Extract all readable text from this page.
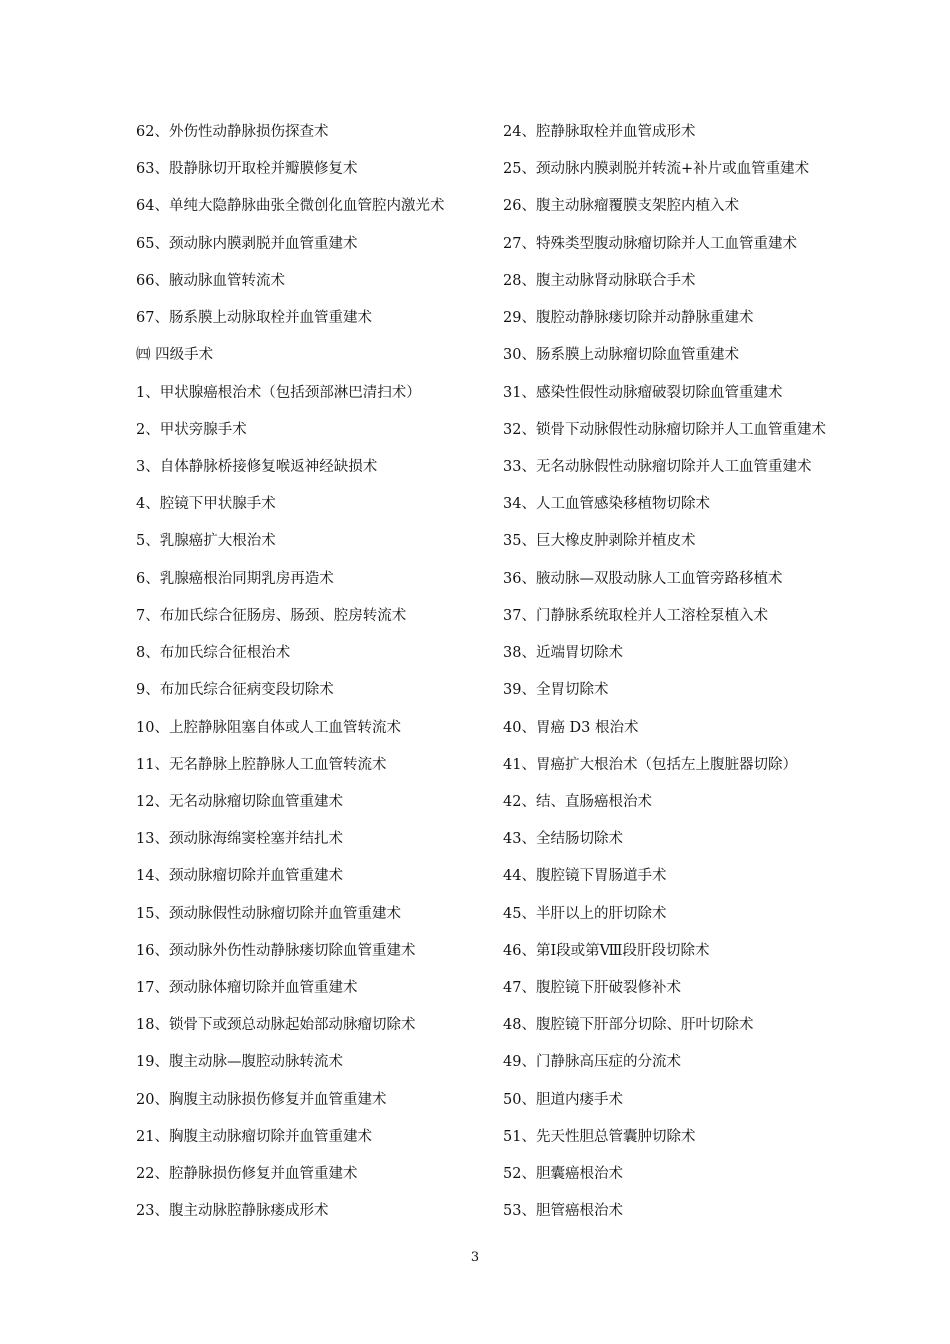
62、外伤性动静脉损伤探查术
63、股静脉切开取栓并瓣膜修复术
64、单纯大隐静脉曲张全微创化血管腔内激光术
65、颈动脉内膜剥脱并血管重建术
66、腋动脉血管转流术
67、肠系膜上动脉取栓并血管重建术
㈣ 四级手术
1、甲状腺癌根治术（包括颈部淋巴清扫术）
2、甲状旁腺手术
3、自体静脉桥接修复喉返神经缺损术
4、腔镜下甲状腺手术
5、乳腺癌扩大根治术
6、乳腺癌根治同期乳房再造术
7、布加氏综合征肠房、肠颈、腔房转流术
8、布加氏综合征根治术
9、布加氏综合征病变段切除术
10、上腔静脉阻塞自体或人工血管转流术
11、无名静脉上腔静脉人工血管转流术
12、无名动脉瘤切除血管重建术
13、颈动脉海绵窦栓塞并结扎术
14、颈动脉瘤切除并血管重建术
15、颈动脉假性动脉瘤切除并血管重建术
16、颈动脉外伤性动静脉瘘切除血管重建术
17、颈动脉体瘤切除并血管重建术
18、锁骨下或颈总动脉起始部动脉瘤切除术
19、腹主动脉—腹腔动脉转流术
20、胸腹主动脉损伤修复并血管重建术
21、胸腹主动脉瘤切除并血管重建术
22、腔静脉损伤修复并血管重建术
23、腹主动脉腔静脉瘘成形术
24、腔静脉取栓并血管成形术
25、颈动脉内膜剥脱并转流+补片或血管重建术
26、腹主动脉瘤覆膜支架腔内植入术
27、特殊类型腹动脉瘤切除并人工血管重建术
28、腹主动脉肾动脉联合手术
29、腹腔动静脉瘘切除并动静脉重建术
30、肠系膜上动脉瘤切除血管重建术
31、感染性假性动脉瘤破裂切除血管重建术
32、锁骨下动脉假性动脉瘤切除并人工血管重建术
33、无名动脉假性动脉瘤切除并人工血管重建术
34、人工血管感染移植物切除术
35、巨大橡皮肿剥除并植皮术
36、腋动脉—双股动脉人工血管旁路移植术
37、门静脉系统取栓并人工溶栓泵植入术
38、近端胃切除术
39、全胃切除术
40、胃癌 D3 根治术
41、胃癌扩大根治术（包括左上腹脏器切除）
42、结、直肠癌根治术
43、全结肠切除术
44、腹腔镜下胃肠道手术
45、半肝以上的肝切除术
46、第Ⅰ段或第Ⅷ段肝段切除术
47、腹腔镜下肝破裂修补术
48、腹腔镜下肝部分切除、肝叶切除术
49、门静脉高压症的分流术
50、胆道内瘘手术
51、先天性胆总管囊肿切除术
52、胆囊癌根治术
53、胆管癌根治术
3
